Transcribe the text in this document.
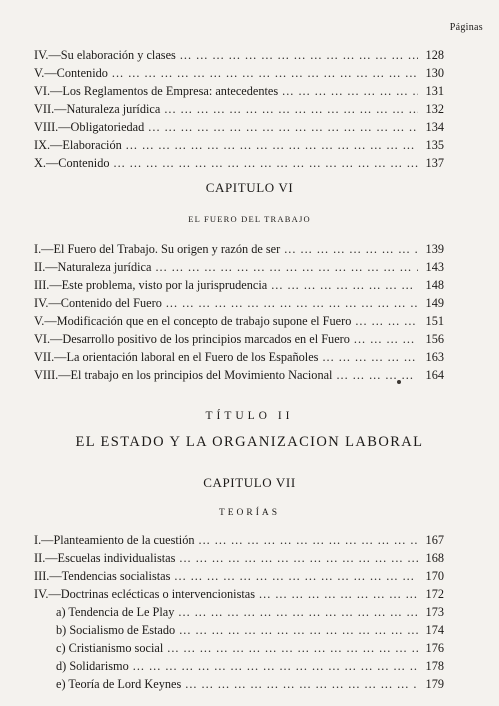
Páginas
IV.—Su elaboración y clases ... .	128
V.—Contenido ... .	130
VI.—Los Reglamentos de Empresa: antecedentes ... .	131
VII.—Naturaleza jurídica ... .	132
VIII.—Obligatoriedad ... .	134
IX.—Elaboración ... .	135
X.—Contenido ... .	137
CAPITULO VI
EL FUERO DEL TRABAJO
I.—El Fuero del Trabajo. Su origen y razón de ser ... .	139
II.—Naturaleza jurídica ... .	143
III.—Este problema, visto por la jurisprudencia ... .	148
IV.—Contenido del Fuero ... .	149
V.—Modificación que en el concepto de trabajo supone el Fuero ... .	151
VI.—Desarrollo positivo de los principios marcados en el Fuero ... .	156
VII.—La orientación laboral en el Fuero de los Españoles ... .	163
VIII.—El trabajo en los principios del Movimiento Nacional ... .	164
TÍTULO II
EL ESTADO Y LA ORGANIZACION LABORAL
CAPITULO VII
TEORÍAS
I.—Planteamiento de la cuestión ... .	167
II.—Escuelas individualistas ... .	168
III.—Tendencias socialistas ... .	170
IV.—Doctrinas eclécticas o intervencionistas ... .	172
a) Tendencia de Le Play ... .	173
b) Socialismo de Estado ... .	174
c) Cristianismo social ... .	176
d) Solidarismo ... .	178
e) Teoría de Lord Keynes ... .	179
